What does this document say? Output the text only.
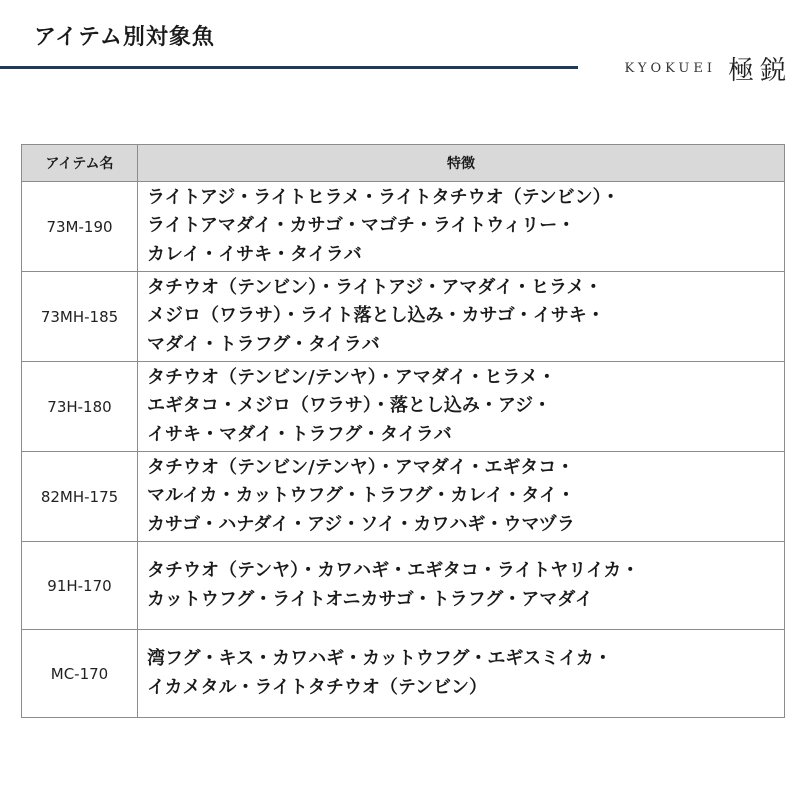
アイテム別対象魚
KYOKUEI 極鋭
アイテム名	特徴
73M-190	ライトアジ・ライトヒラメ・ライトタチウオ（テンビン）・
ライトアマダイ・カサゴ・マゴチ・ライトウィリー・
カレイ・イサキ・タイラバ
73MH-185	タチウオ（テンビン）・ライトアジ・アマダイ・ヒラメ・
メジロ（ワラサ）・ライト落とし込み・カサゴ・イサキ・
マダイ・トラフグ・タイラバ
73H-180	タチウオ（テンビン/テンヤ）・アマダイ・ヒラメ・
エギタコ・メジロ（ワラサ）・落とし込み・アジ・
イサキ・マダイ・トラフグ・タイラバ
82MH-175	タチウオ（テンビン/テンヤ）・アマダイ・エギタコ・
マルイカ・カットウフグ・トラフグ・カレイ・タイ・
カサゴ・ハナダイ・アジ・ソイ・カワハギ・ウマヅラ
91H-170	タチウオ（テンヤ）・カワハギ・エギタコ・ライトヤリイカ・
カットウフグ・ライトオニカサゴ・トラフグ・アマダイ
MC-170	湾フグ・キス・カワハギ・カットウフグ・エギスミイカ・
イカメタル・ライトタチウオ（テンビン）
